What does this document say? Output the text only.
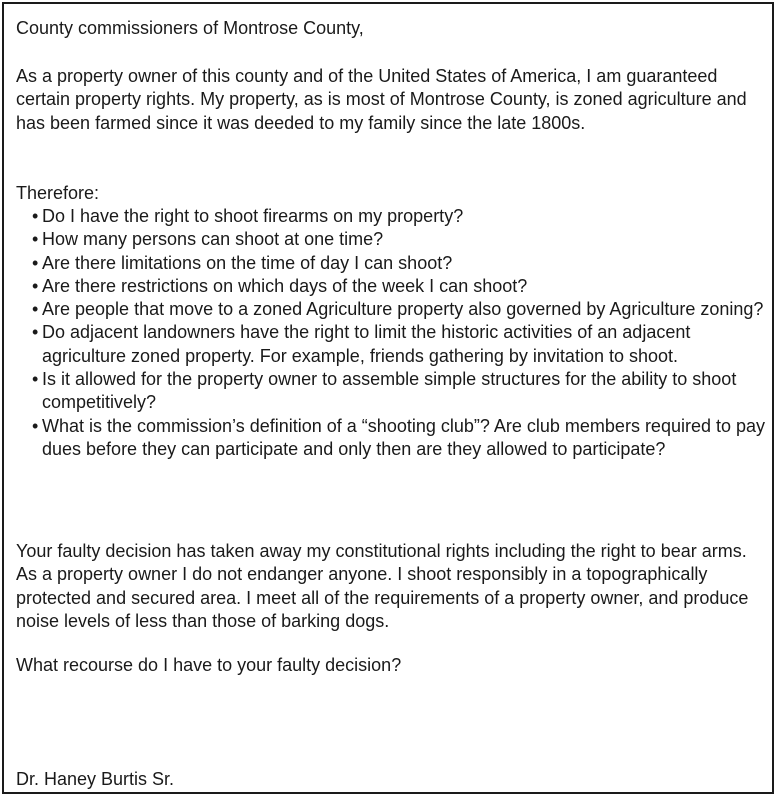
County commissioners of Montrose County,

As a property owner of this county and of the United States of America, I am guaranteed certain property rights. My property, as is most of Montrose County, is zoned agriculture and has been farmed since it was deeded to my family since the late 1800s.

Therefore:

• Do I have the right to shoot firearms on my property?
• How many persons can shoot at one time?
• Are there limitations on the time of day I can shoot?
• Are there restrictions on which days of the week I can shoot?
• Are people that move to a zoned Agriculture property also governed by Agriculture zoning?
• Do adjacent landowners have the right to limit the historic activities of an adjacent agriculture zoned property. For example, friends gathering by invitation to shoot.
• Is it allowed for the property owner to assemble simple structures for the ability to shoot competitively?
• What is the commission’s definition of a “shooting club”? Are club members required to pay dues before they can participate and only then are they allowed to participate?

Your faulty decision has taken away my constitutional rights including the right to bear arms. As a property owner I do not endanger anyone. I shoot responsibly in a topographically protected and secured area. I meet all of the requirements of a property owner, and produce noise levels of less than those of barking dogs.

What recourse do I have to your faulty decision?

Dr. Haney Burtis Sr.
